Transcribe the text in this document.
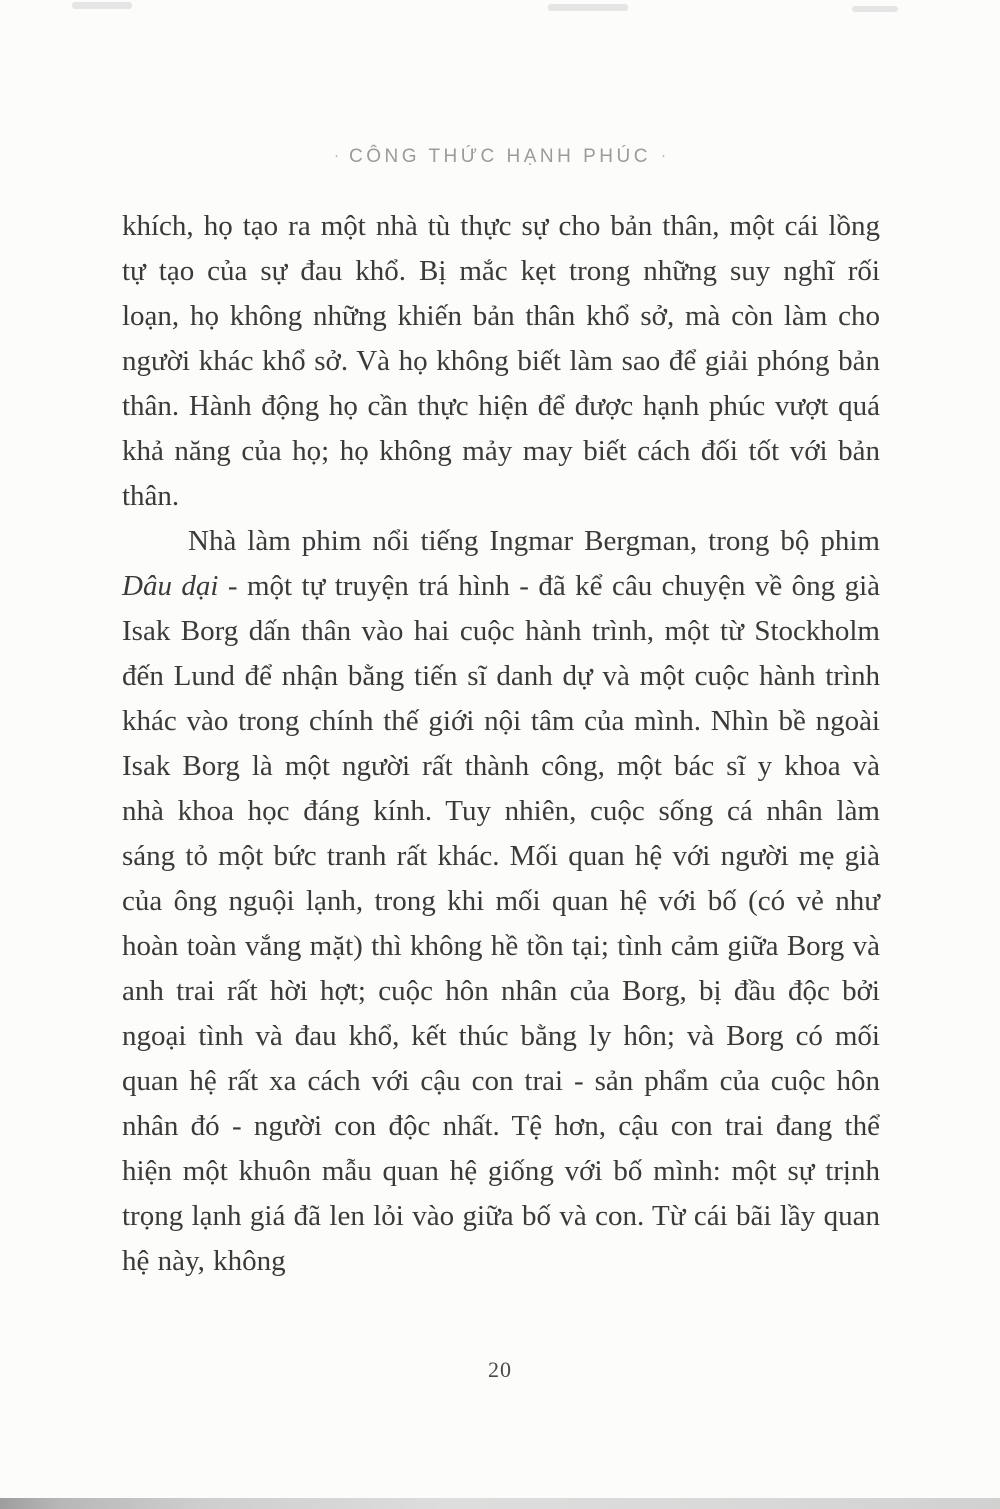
· CÔNG THỨC HẠNH PHÚC ·

khích, họ tạo ra một nhà tù thực sự cho bản thân, một cái lồng tự tạo của sự đau khổ. Bị mắc kẹt trong những suy nghĩ rối loạn, họ không những khiến bản thân khổ sở, mà còn làm cho người khác khổ sở. Và họ không biết làm sao để giải phóng bản thân. Hành động họ cần thực hiện để được hạnh phúc vượt quá khả năng của họ; họ không mảy may biết cách đối tốt với bản thân.

Nhà làm phim nổi tiếng Ingmar Bergman, trong bộ phim Dâu dại - một tự truyện trá hình - đã kể câu chuyện về ông già Isak Borg dấn thân vào hai cuộc hành trình, một từ Stockholm đến Lund để nhận bằng tiến sĩ danh dự và một cuộc hành trình khác vào trong chính thế giới nội tâm của mình. Nhìn bề ngoài Isak Borg là một người rất thành công, một bác sĩ y khoa và nhà khoa học đáng kính. Tuy nhiên, cuộc sống cá nhân làm sáng tỏ một bức tranh rất khác. Mối quan hệ với người mẹ già của ông nguội lạnh, trong khi mối quan hệ với bố (có vẻ như hoàn toàn vắng mặt) thì không hề tồn tại; tình cảm giữa Borg và anh trai rất hời hợt; cuộc hôn nhân của Borg, bị đầu độc bởi ngoại tình và đau khổ, kết thúc bằng ly hôn; và Borg có mối quan hệ rất xa cách với cậu con trai - sản phẩm của cuộc hôn nhân đó - người con độc nhất. Tệ hơn, cậu con trai đang thể hiện một khuôn mẫu quan hệ giống với bố mình: một sự trịnh trọng lạnh giá đã len lỏi vào giữa bố và con. Từ cái bãi lầy quan hệ này, không

20
